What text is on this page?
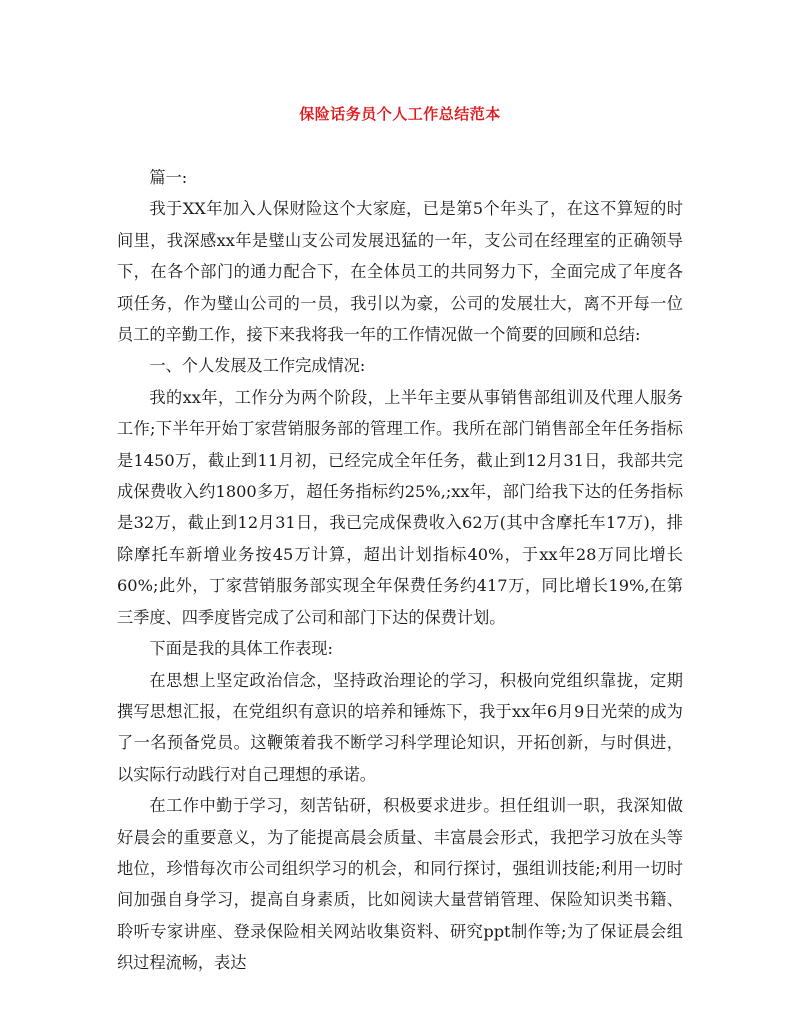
保险话务员个人工作总结范本

篇一:

我于XX年加入人保财险这个大家庭，已是第5个年头了，在这不算短的时间里，我深感xx年是璧山支公司发展迅猛的一年，支公司在经理室的正确领导下，在各个部门的通力配合下，在全体员工的共同努力下，全面完成了年度各项任务，作为璧山公司的一员，我引以为豪，公司的发展壮大，离不开每一位员工的辛勤工作，接下来我将我一年的工作情况做一个简要的回顾和总结:

一、个人发展及工作完成情况:

我的xx年，工作分为两个阶段，上半年主要从事销售部组训及代理人服务工作;下半年开始丁家营销服务部的管理工作。我所在部门销售部全年任务指标是1450万，截止到11月初，已经完成全年任务，截止到12月31日，我部共完成保费收入约1800多万，超任务指标约25%,;xx年，部门给我下达的任务指标是32万，截止到12月31日，我已完成保费收入62万(其中含摩托车17万)，排除摩托车新增业务按45万计算，超出计划指标40%，于xx年28万同比增长60%;此外，丁家营销服务部实现全年保费任务约417万，同比增长19%,在第三季度、四季度皆完成了公司和部门下达的保费计划。

下面是我的具体工作表现:

在思想上坚定政治信念，坚持政治理论的学习，积极向党组织靠拢，定期撰写思想汇报，在党组织有意识的培养和锤炼下，我于xx年6月9日光荣的成为了一名预备党员。这鞭策着我不断学习科学理论知识，开拓创新，与时俱进，以实际行动践行对自己理想的承诺。

在工作中勤于学习，刻苦钻研，积极要求进步。担任组训一职，我深知做好晨会的重要意义，为了能提高晨会质量、丰富晨会形式，我把学习放在头等地位，珍惜每次市公司组织学习的机会，和同行探讨，强组训技能;利用一切时间加强自身学习，提高自身素质，比如阅读大量营销管理、保险知识类书籍、聆听专家讲座、登录保险相关网站收集资料、研究ppt制作等;为了保证晨会组织过程流畅，表达
